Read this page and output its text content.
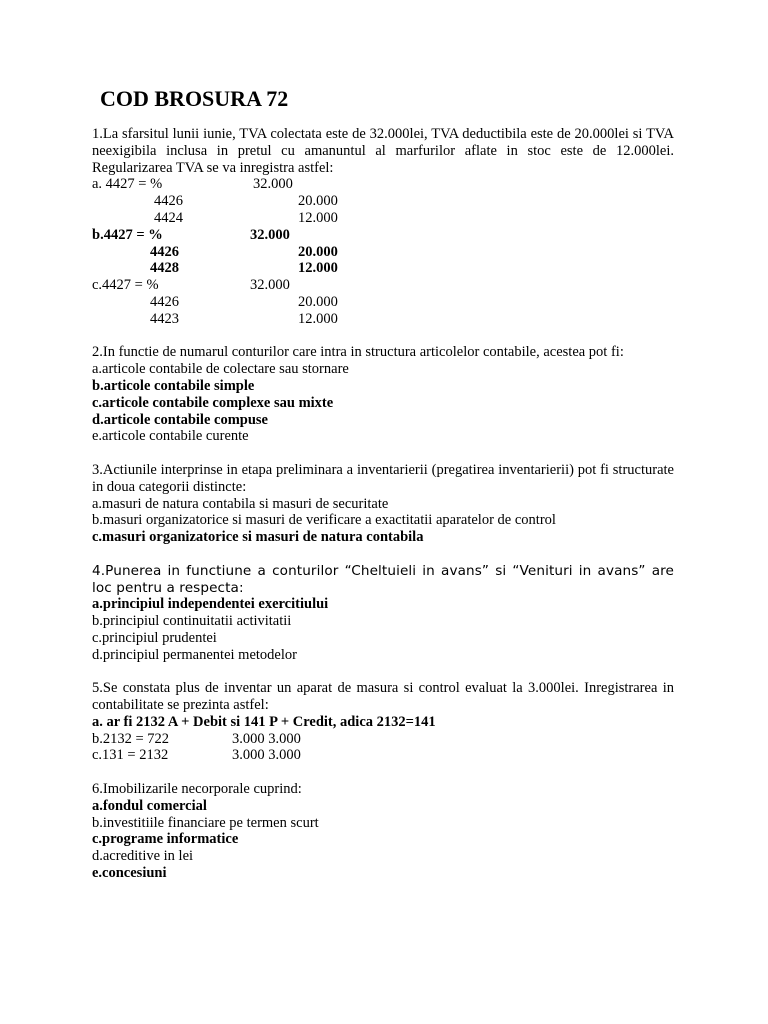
COD BROSURA 72
1.La sfarsitul lunii iunie, TVA colectata este de 32.000lei, TVA deductibila este de 20.000lei si TVA neexigibila inclusa in pretul cu amanuntul al marfurilor aflate in stoc este de 12.000lei. Regularizarea TVA se va inregistra astfel:
a. 4427 = %	32.000
4426	20.000
4424	12.000
b.4427 = %	32.000
4426	20.000
4428	12.000
c.4427 = %	32.000
4426	20.000
4423	12.000
2.In functie de numarul conturilor care intra in structura articolelor contabile, acestea pot fi:
a.articole contabile de colectare sau stornare
b.articole contabile simple
c.articole contabile complexe sau mixte
d.articole contabile compuse
e.articole contabile curente
3.Actiunile interprinse in etapa preliminara a inventarierii (pregatirea inventarierii) pot fi structurate in doua categorii distincte:
a.masuri de natura contabila si masuri de securitate
b.masuri organizatorice si masuri de verificare a exactitatii aparatelor de control
c.masuri organizatorice si masuri de natura contabila
4.Punerea in functiune a conturilor “Cheltuieli in avans” si “Venituri in avans” are loc pentru a respecta:
a.principiul independentei exercitiului
b.principiul continuitatii activitatii
c.principiul prudentei
d.principiul permanentei metodelor
5.Se constata plus de inventar un aparat de masura si control evaluat la 3.000lei. Inregistrarea in contabilitate se prezinta astfel:
a. ar fi 2132 A + Debit si 141 P + Credit, adica 2132=141
b.2132 = 722	3.000 3.000
c.131 = 2132	3.000 3.000
6.Imobilizarile necorporale cuprind:
a.fondul comercial
b.investitiile financiare pe termen scurt
c.programe informatice
d.acreditive in lei
e.concesiuni
